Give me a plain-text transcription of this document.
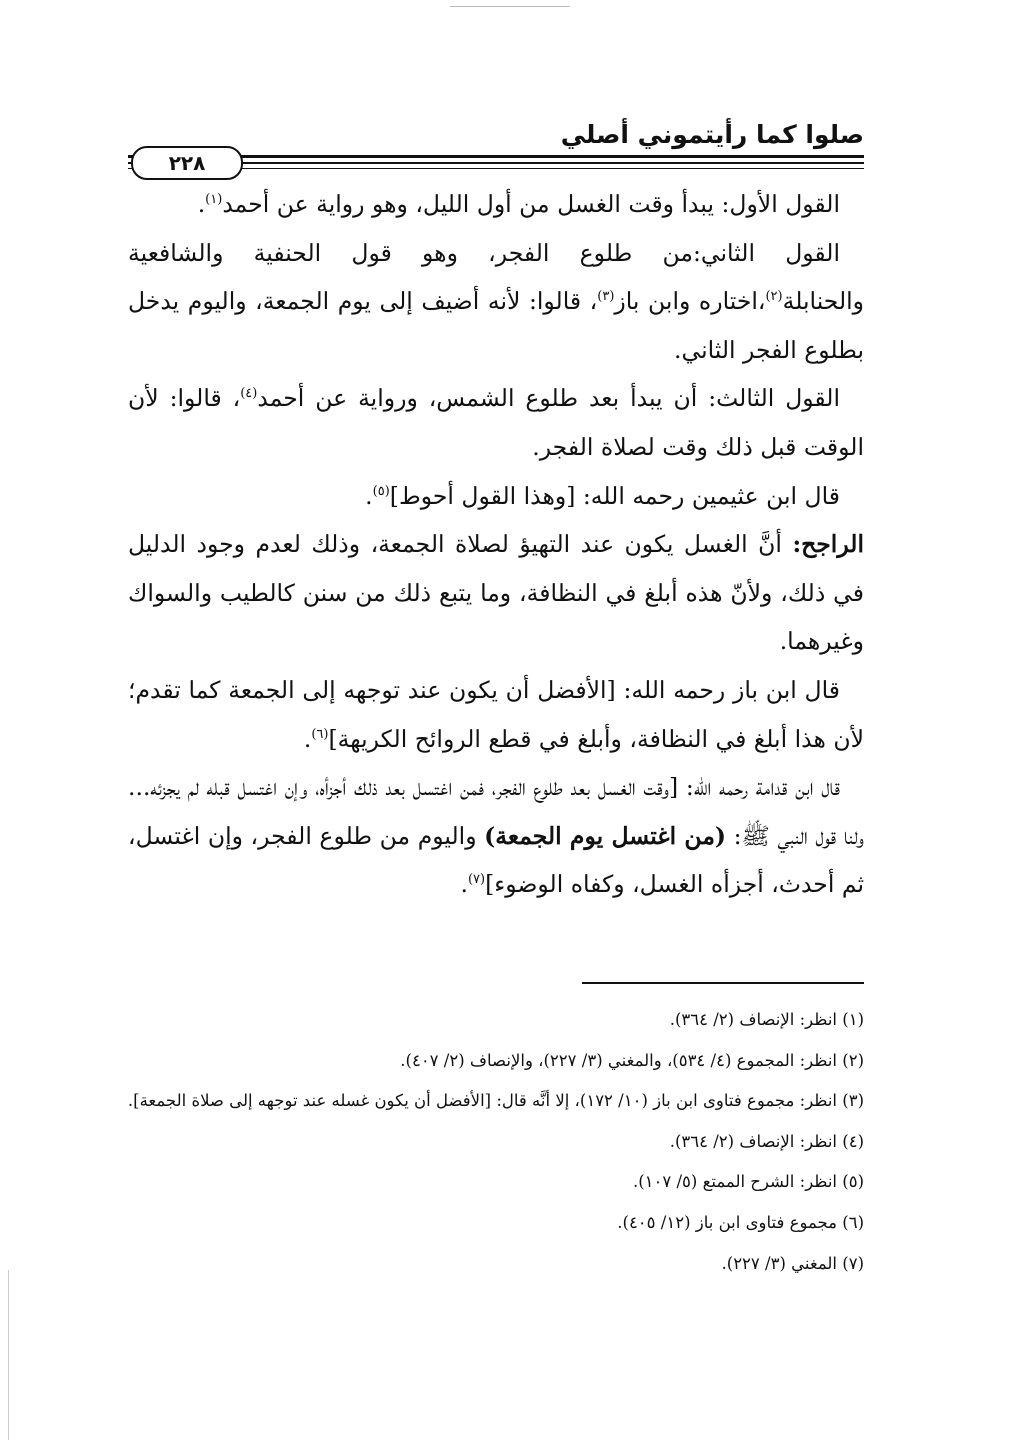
صلوا كما رأيتموني أصلي
٢٢٨

القول الأول: يبدأ وقت الغسل من أول الليل، وهو رواية عن أحمد$^{(١)}$.

القول الثاني:من طلوع الفجر، وهو قول الحنفية والشافعية والحنابلة$^{(٢)}$،اختاره وابن باز$^{(٣)}$، قالوا: لأنه أضيف إلى يوم الجمعة، واليوم يدخل بطلوع الفجر الثاني.

القول الثالث: أن يبدأ بعد طلوع الشمس، ورواية عن أحمد$^{(٤)}$، قالوا: لأن الوقت قبل ذلك وقت لصلاة الفجر.

قال ابن عثيمين رحمه الله: [وهذا القول أحوط]$^{(٥)}$.

الراجح: أنَّ الغسل يكون عند التهيؤ لصلاة الجمعة، وذلك لعدم وجود الدليل في ذلك، ولأنّ هذه أبلغ في النظافة، وما يتبع ذلك من سنن كالطيب والسواك وغيرهما.

قال ابن باز رحمه الله: [الأفضل أن يكون عند توجهه إلى الجمعة كما تقدم؛ لأن هذا أبلغ في النظافة، وأبلغ في قطع الروائح الكريهة]$^{(٦)}$.

قال ابن قدامة رحمه الله: [وقت الغسل بعد طلوع الفجر، فمن اغتسل بعد ذلك أجزأه، وإن اغتسل قبله لم يجزئه... ولنا قول النبي ﷺ: (من اغتسل يوم الجمعة) واليوم من طلوع الفجر، وإن اغتسل، ثم أحدث، أجزأه الغسل، وكفاه الوضوء]$^{(٧)}$.

(١) انظر: الإنصاف (٢/ ٣٦٤).
(٢) انظر: المجموع (٤/ ٥٣٤)، والمغني (٣/ ٢٢٧)، والإنصاف (٢/ ٤٠٧).
(٣) انظر: مجموع فتاوى ابن باز (١٠/ ١٧٢)، إلا أنَّه قال: [الأفضل أن يكون غسله عند توجهه إلى صلاة الجمعة].
(٤) انظر: الإنصاف (٢/ ٣٦٤).
(٥) انظر: الشرح الممتع (٥/ ١٠٧).
(٦) مجموع فتاوى ابن باز (١٢/ ٤٠٥).
(٧) المغني (٣/ ٢٢٧).
